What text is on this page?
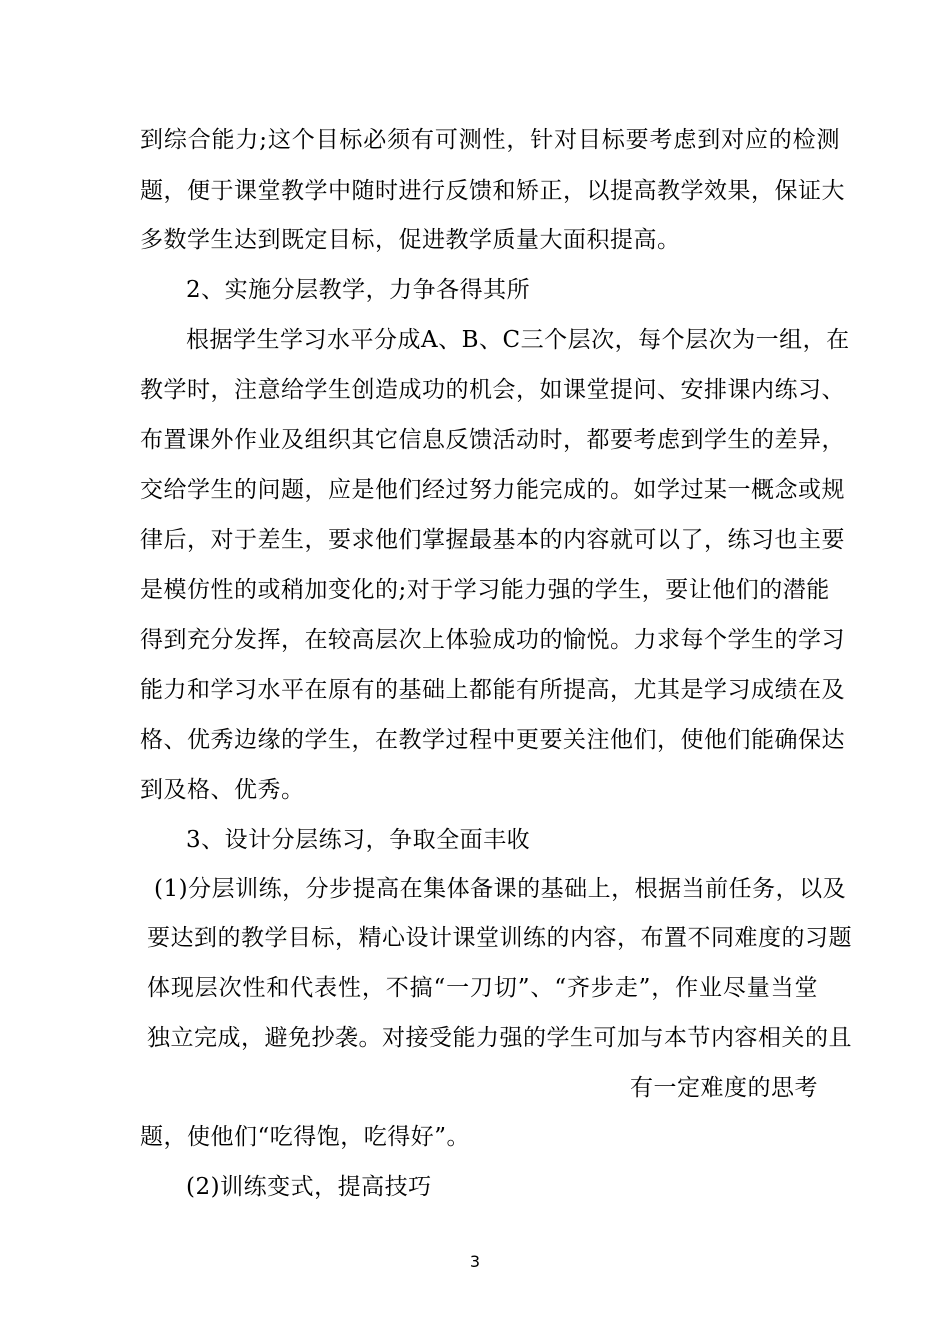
到综合能力;这个目标必须有可测性，针对目标要考虑到对应的检测
题，便于课堂教学中随时进行反馈和矫正，以提高教学效果，保证大
多数学生达到既定目标，促进教学质量大面积提高。
2、实施分层教学，力争各得其所
根据学生学习水平分成A、B、C三个层次，每个层次为一组，在
教学时，注意给学生创造成功的机会，如课堂提问、安排课内练习、
布置课外作业及组织其它信息反馈活动时，都要考虑到学生的差异，
交给学生的问题，应是他们经过努力能完成的。如学过某一概念或规
律后，对于差生，要求他们掌握最基本的内容就可以了，练习也主要
是模仿性的或稍加变化的;对于学习能力强的学生，要让他们的潜能
得到充分发挥，在较高层次上体验成功的愉悦。力求每个学生的学习
能力和学习水平在原有的基础上都能有所提高，尤其是学习成绩在及
格、优秀边缘的学生，在教学过程中更要关注他们，使他们能确保达
到及格、优秀。
3、设计分层练习，争取全面丰收
(1)分层训练，分步提高在集体备课的基础上，根据当前任务，以及
要达到的教学目标，精心设计课堂训练的内容，布置不同难度的习题
体现层次性和代表性，不搞“一刀切”、“齐步走”，作业尽量当堂
独立完成，避免抄袭。对接受能力强的学生可加与本节内容相关的且
有一定难度的思考
题，使他们“吃得饱，吃得好”。
(2)训练变式，提高技巧
3
